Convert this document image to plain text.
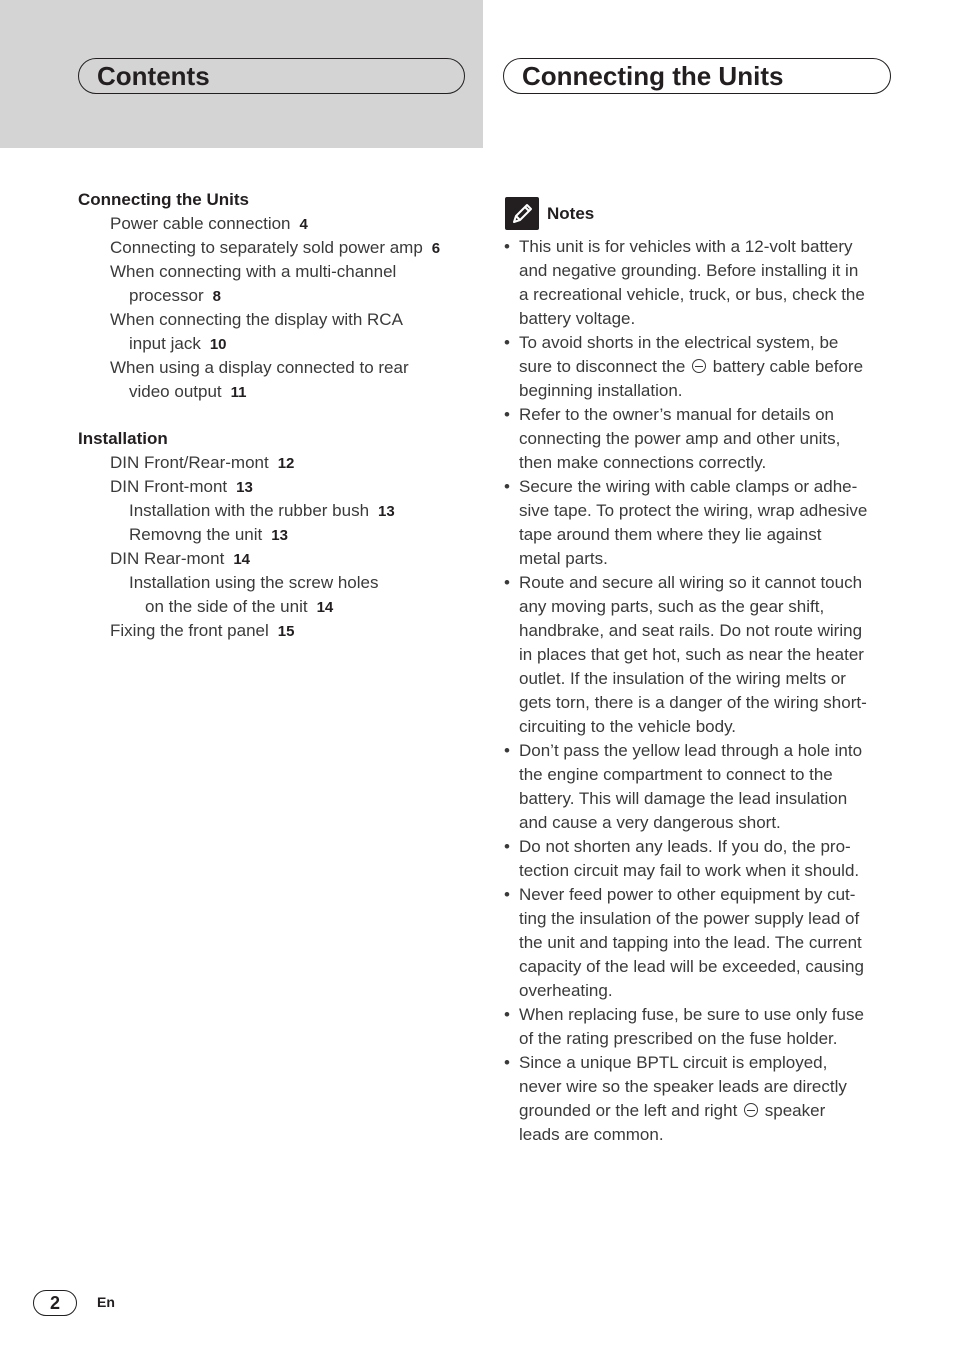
Contents	Connecting the Units
Connecting the Units
Power cable connection 4
Connecting to separately sold power amp 6
When connecting with a multi-channel
processor 8
When connecting the display with RCA
input jack 10
When using a display connected to rear
video output 11
Installation
DIN Front/Rear-mont 12
DIN Front-mont 13
Installation with the rubber bush 13
Removng the unit 13
DIN Rear-mont 14
Installation using the screw holes
on the side of the unit 14
Fixing the front panel 15
Notes
• This unit is for vehicles with a 12-volt battery
and negative grounding. Before installing it in
a recreational vehicle, truck, or bus, check the
battery voltage.
• To avoid shorts in the electrical system, be
sure to disconnect the  battery cable before
beginning installation.
• Refer to the owner’s manual for details on
connecting the power amp and other units,
then make connections correctly.
• Secure the wiring with cable clamps or adhe-
sive tape. To protect the wiring, wrap adhesive
tape around them where they lie against
metal parts.
• Route and secure all wiring so it cannot touch
any moving parts, such as the gear shift,
handbrake, and seat rails. Do not route wiring
in places that get hot, such as near the heater
outlet. If the insulation of the wiring melts or
gets torn, there is a danger of the wiring short-
circuiting to the vehicle body.
• Don’t pass the yellow lead through a hole into
the engine compartment to connect to the
battery. This will damage the lead insulation
and cause a very dangerous short.
• Do not shorten any leads. If you do, the pro-
tection circuit may fail to work when it should.
• Never feed power to other equipment by cut-
ting the insulation of the power supply lead of
the unit and tapping into the lead. The current
capacity of the lead will be exceeded, causing
overheating.
• When replacing fuse, be sure to use only fuse
of the rating prescribed on the fuse holder.
• Since a unique BPTL circuit is employed,
never wire so the speaker leads are directly
grounded or the left and right  speaker
leads are common.
2	En
